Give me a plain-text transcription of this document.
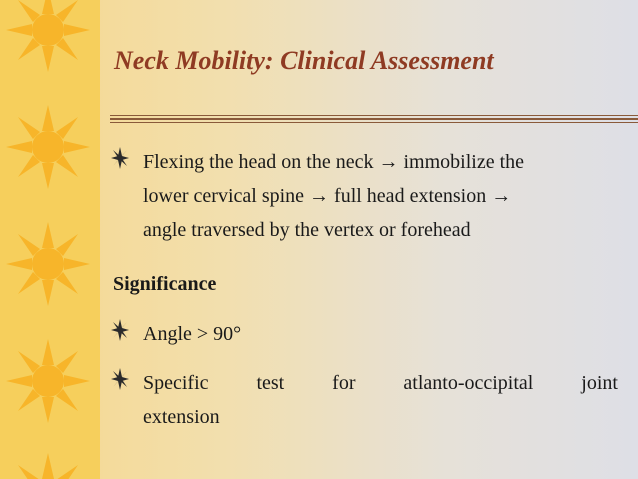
Neck Mobility: Clinical Assessment
Flexing the head on the neck → immobilize the
lower cervical spine → full head extension →
angle traversed by the vertex or forehead
Significance
Angle > 90°
Specific test for atlanto-occipital joint
extension
